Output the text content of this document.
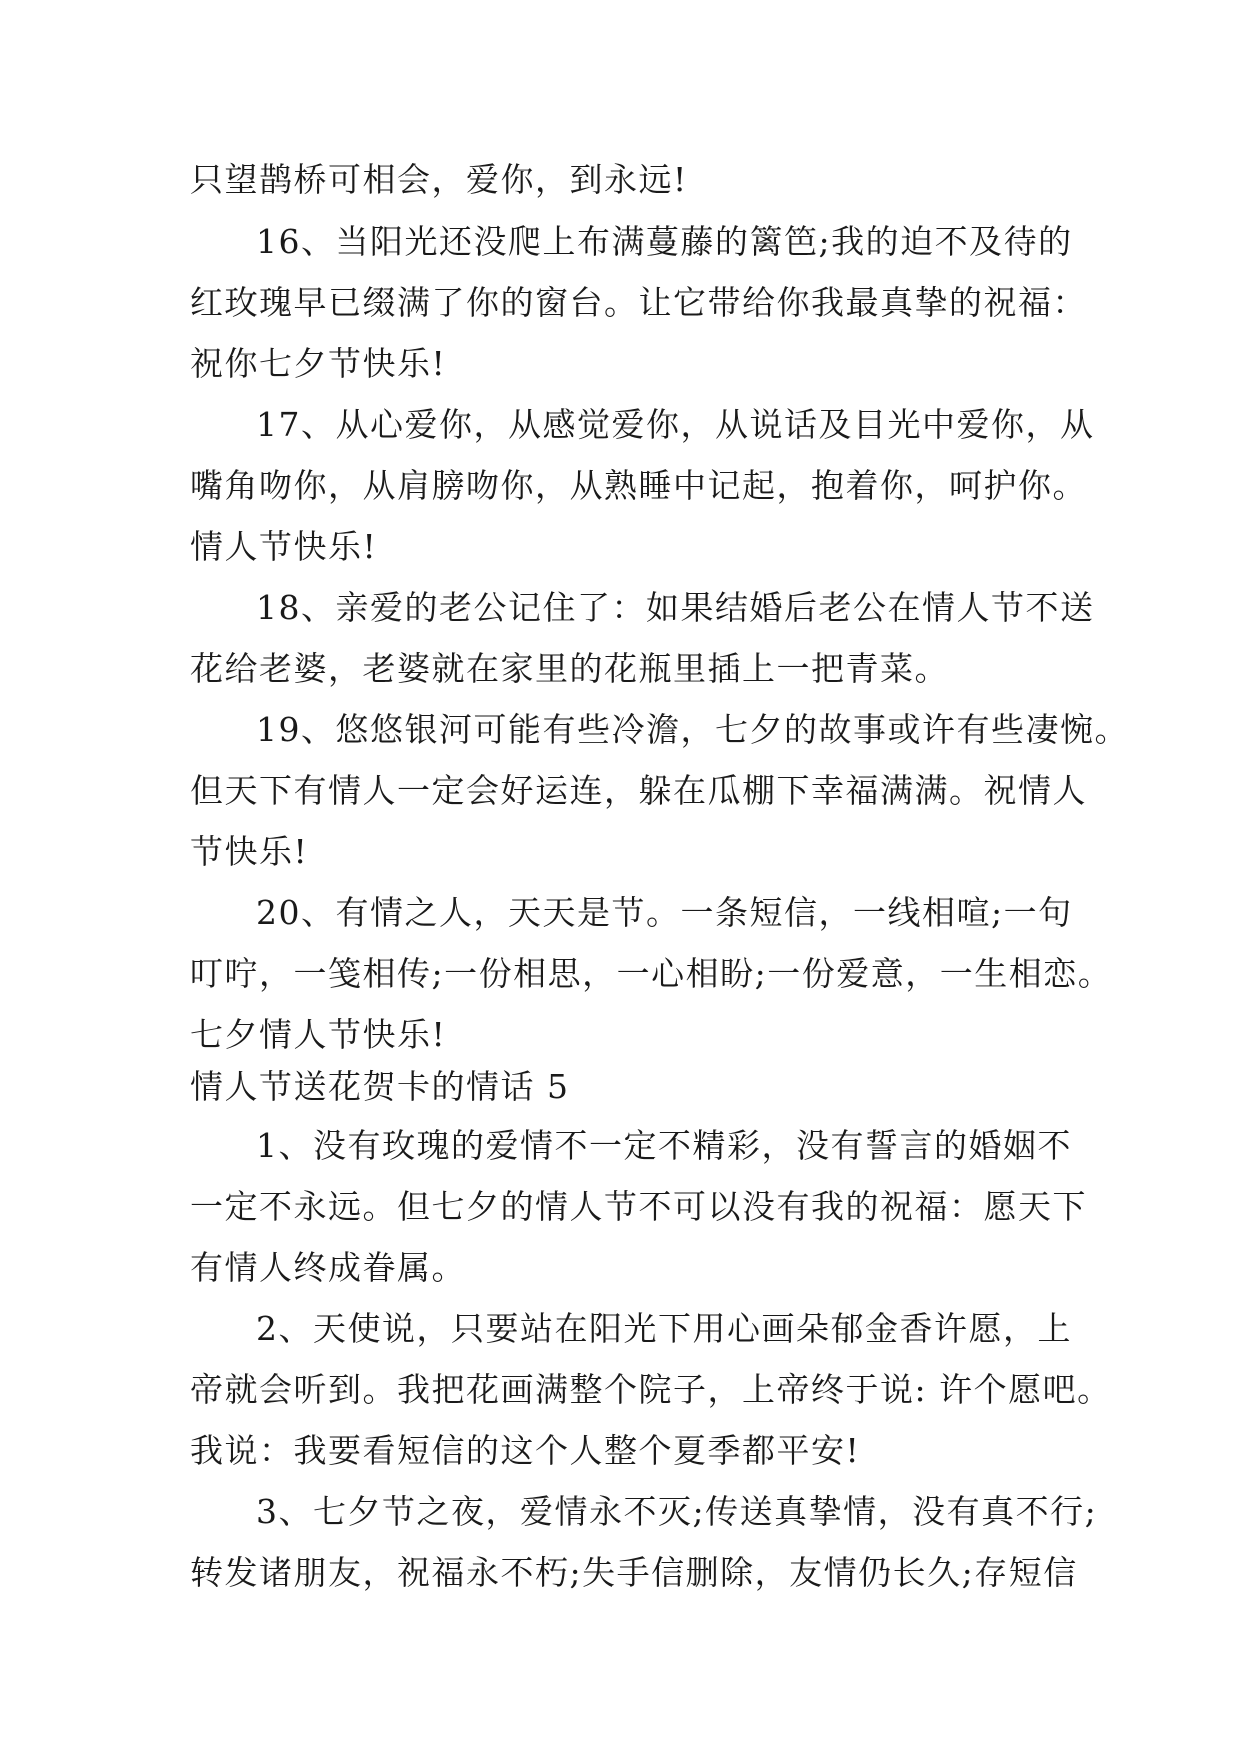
只望鹊桥可相会，爱你，到永远!
16、当阳光还没爬上布满蔓藤的篱笆;我的迫不及待的
红玫瑰早已缀满了你的窗台。让它带给你我最真挚的祝福：
祝你七夕节快乐!
17、从心爱你，从感觉爱你，从说话及目光中爱你，从
嘴角吻你，从肩膀吻你，从熟睡中记起，抱着你，呵护你。
情人节快乐!
18、亲爱的老公记住了：如果结婚后老公在情人节不送
花给老婆，老婆就在家里的花瓶里插上一把青菜。
19、悠悠银河可能有些冷澹，七夕的故事或许有些凄惋。
但天下有情人一定会好运连，躲在瓜棚下幸福满满。祝情人
节快乐!
20、有情之人，天天是节。一条短信，一线相喧;一句
叮咛，一笺相传;一份相思，一心相盼;一份爱意，一生相恋。
七夕情人节快乐!
情人节送花贺卡的情话 5
1、没有玫瑰的爱情不一定不精彩，没有誓言的婚姻不
一定不永远。但七夕的情人节不可以没有我的祝福：愿天下
有情人终成眷属。
2、天使说，只要站在阳光下用心画朵郁金香许愿，上
帝就会听到。我把花画满整个院子，上帝终于说: 许个愿吧。
我说：我要看短信的这个人整个夏季都平安!
3、七夕节之夜，爱情永不灭;传送真挚情，没有真不行;
转发诸朋友，祝福永不朽;失手信删除，友情仍长久;存短信
